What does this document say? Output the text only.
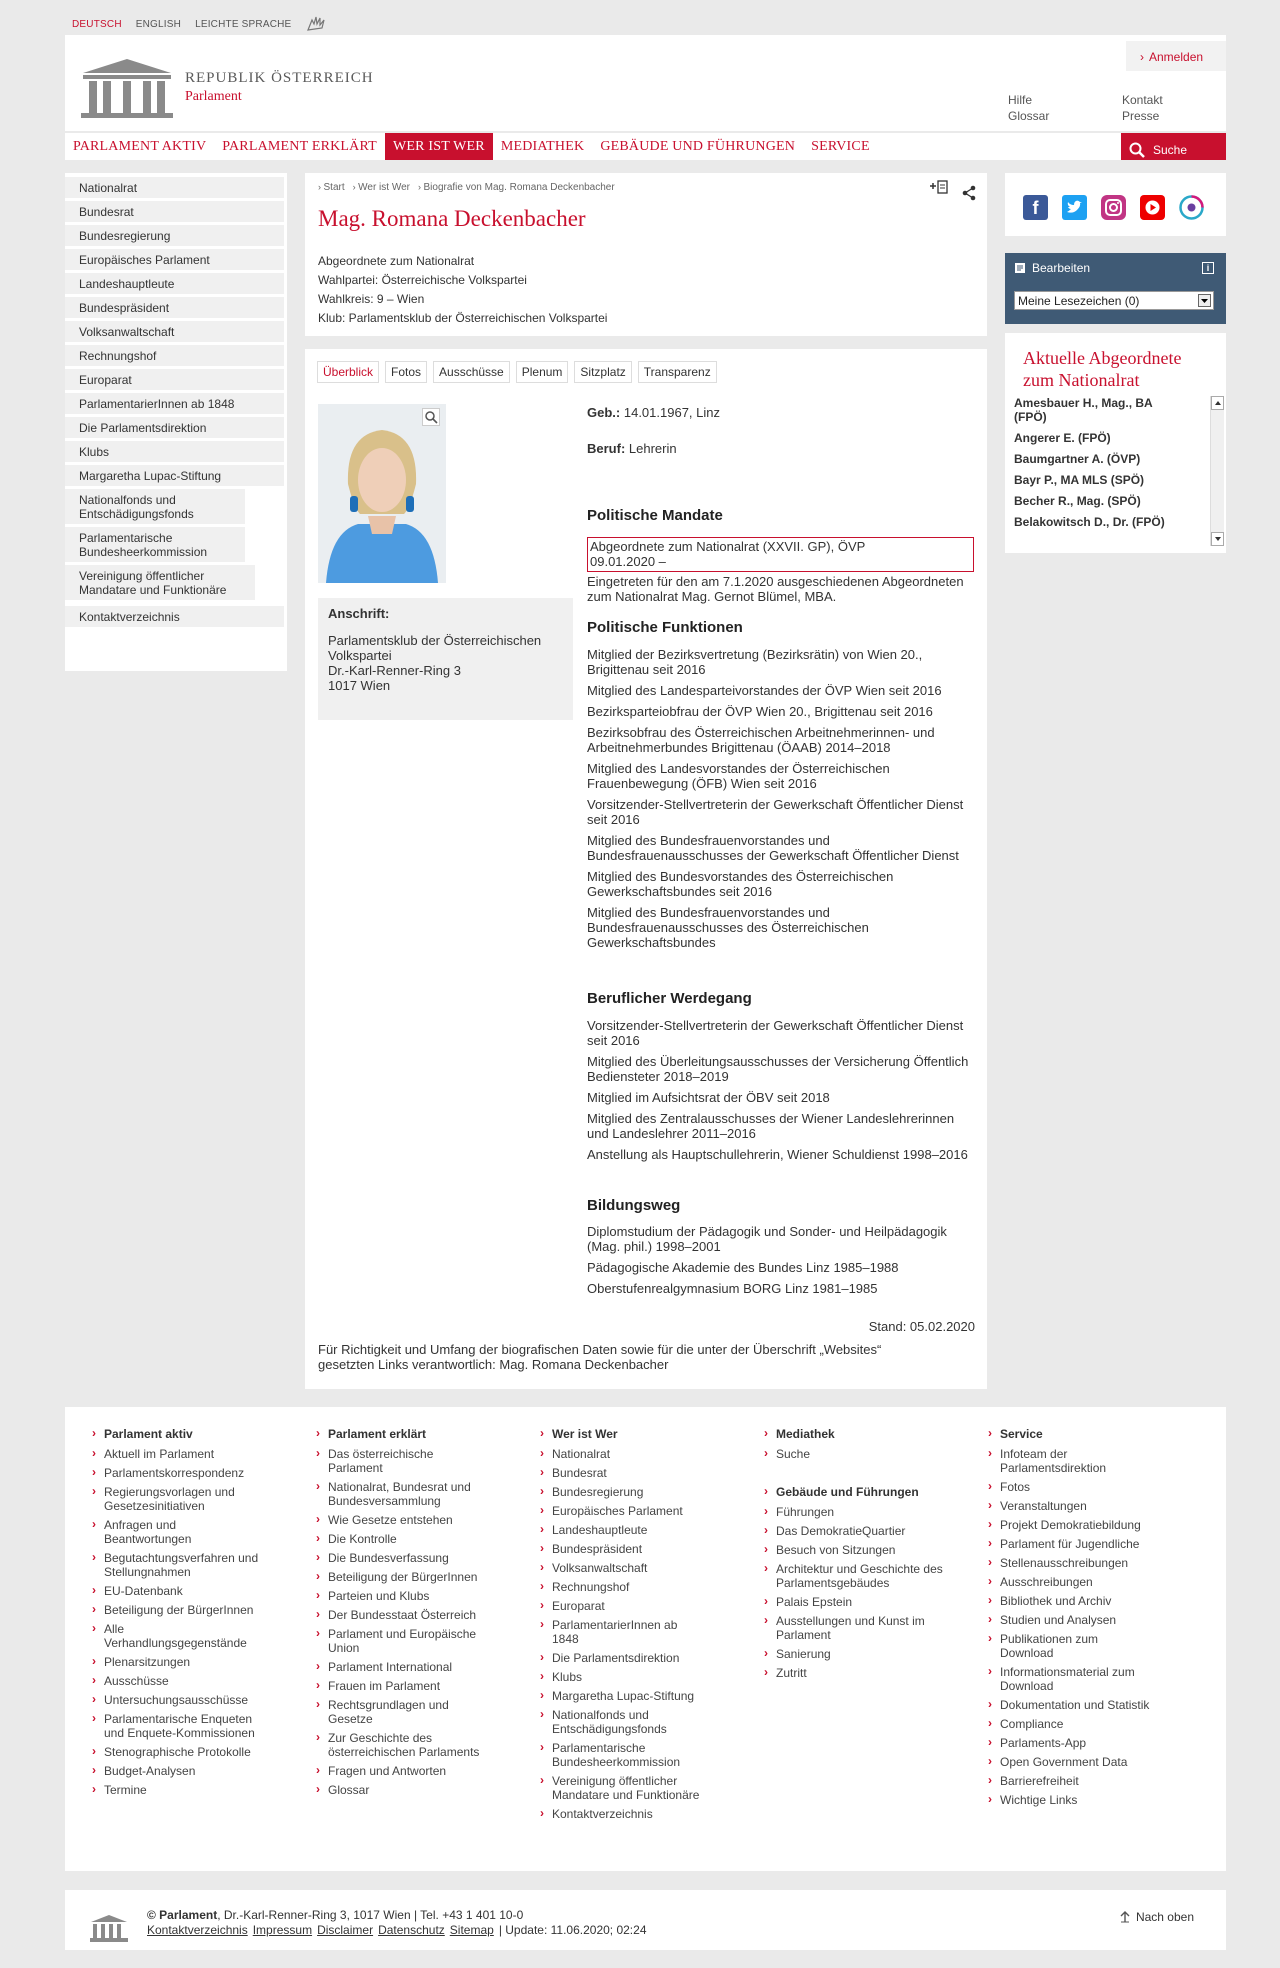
DEUTSCH ENGLISH LEICHTE SPRACHE
REPUBLIK ÖSTERREICH
Parlament
› Anmelden
Hilfe
Glossar
Kontakt
Presse
PARLAMENT AKTIV	PARLAMENT ERKLÄRT	WER IST WER	MEDIATHEK	GEBÄUDE UND FÜHRUNGEN	SERVICE	Suche
Nationalrat
Bundesrat
Bundesregierung
Europäisches Parlament
Landeshauptleute
Bundespräsident
Volksanwaltschaft
Rechnungshof
Europarat
ParlamentarierInnen ab 1848
Die Parlamentsdirektion
Klubs
Margaretha Lupac-Stiftung
Nationalfonds und Entschädigungsfonds
Parlamentarische Bundesheerkommission
Vereinigung öffentlicher Mandatare und Funktionäre
Kontaktverzeichnis
› Start › Wer ist Wer › Biografie von Mag. Romana Deckenbacher
Mag. Romana Deckenbacher
Abgeordnete zum Nationalrat
Wahlpartei: Österreichische Volkspartei
Wahlkreis: 9 – Wien
Klub: Parlamentsklub der Österreichischen Volkspartei
Überblick	Fotos	Ausschüsse	Plenum	Sitzplatz	Transparenz
Anschrift:
Parlamentsklub der Österreichischen Volkspartei
Dr.-Karl-Renner-Ring 3
1017 Wien
Geb.: 14.01.1967, Linz
Beruf: Lehrerin
Politische Mandate
Abgeordnete zum Nationalrat (XXVII. GP), ÖVP
09.01.2020 –
Eingetreten für den am 7.1.2020 ausgeschiedenen Abgeordneten zum Nationalrat Mag. Gernot Blümel, MBA.
Politische Funktionen
Mitglied der Bezirksvertretung (Bezirksrätin) von Wien 20., Brigittenau seit 2016
Mitglied des Landesparteivorstandes der ÖVP Wien seit 2016
Bezirksparteiobfrau der ÖVP Wien 20., Brigittenau seit 2016
Bezirksobfrau des Österreichischen Arbeitnehmerinnen- und Arbeitnehmerbundes Brigittenau (ÖAAB) 2014–2018
Mitglied des Landesvorstandes der Österreichischen Frauenbewegung (ÖFB) Wien seit 2016
Vorsitzender-Stellvertreterin der Gewerkschaft Öffentlicher Dienst seit 2016
Mitglied des Bundesfrauenvorstandes und Bundesfrauenausschusses der Gewerkschaft Öffentlicher Dienst
Mitglied des Bundesvorstandes des Österreichischen Gewerkschaftsbundes seit 2016
Mitglied des Bundesfrauenvorstandes und Bundesfrauenausschusses des Österreichischen Gewerkschaftsbundes
Beruflicher Werdegang
Vorsitzender-Stellvertreterin der Gewerkschaft Öffentlicher Dienst seit 2016
Mitglied des Überleitungsausschusses der Versicherung Öffentlich Bediensteter 2018–2019
Mitglied im Aufsichtsrat der ÖBV seit 2018
Mitglied des Zentralausschusses der Wiener Landeslehrerinnen und Landeslehrer 2011–2016
Anstellung als Hauptschullehrerin, Wiener Schuldienst 1998–2016
Bildungsweg
Diplomstudium der Pädagogik und Sonder- und Heilpädagogik (Mag. phil.) 1998–2001
Pädagogische Akademie des Bundes Linz 1985–1988
Oberstufenrealgymnasium BORG Linz 1981–1985
Stand: 05.02.2020
Für Richtigkeit und Umfang der biografischen Daten sowie für die unter der Überschrift „Websites“ gesetzten Links verantwortlich: Mag. Romana Deckenbacher
f
Bearbeiten	i
Meine Lesezeichen (0)
Aktuelle Abgeordnete zum Nationalrat
Amesbauer H., Mag., BA (FPÖ)
Angerer E. (FPÖ)
Baumgartner A. (ÖVP)
Bayr P., MA MLS (SPÖ)
Becher R., Mag. (SPÖ)
Belakowitsch D., Dr. (FPÖ)
› Parlament aktiv
› Aktuell im Parlament
› Parlamentskorrespondenz
› Regierungsvorlagen und Gesetzesinitiativen
› Anfragen und Beantwortungen
› Begutachtungsverfahren und Stellungnahmen
› EU-Datenbank
› Beteiligung der BürgerInnen
› Alle Verhandlungsgegenstände
› Plenarsitzungen
› Ausschüsse
› Untersuchungsausschüsse
› Parlamentarische Enqueten und Enquete-Kommissionen
› Stenographische Protokolle
› Budget-Analysen
› Termine
› Parlament erklärt
› Das österreichische Parlament
› Nationalrat, Bundesrat und Bundesversammlung
› Wie Gesetze entstehen
› Die Kontrolle
› Die Bundesverfassung
› Beteiligung der BürgerInnen
› Parteien und Klubs
› Der Bundesstaat Österreich
› Parlament und Europäische Union
› Parlament International
› Frauen im Parlament
› Rechtsgrundlagen und Gesetze
› Zur Geschichte des österreichischen Parlaments
› Fragen und Antworten
› Glossar
› Wer ist Wer
› Nationalrat
› Bundesrat
› Bundesregierung
› Europäisches Parlament
› Landeshauptleute
› Bundespräsident
› Volksanwaltschaft
› Rechnungshof
› Europarat
› ParlamentarierInnen ab 1848
› Die Parlamentsdirektion
› Klubs
› Margaretha Lupac-Stiftung
› Nationalfonds und Entschädigungsfonds
› Parlamentarische Bundesheerkommission
› Vereinigung öffentlicher Mandatare und Funktionäre
› Kontaktverzeichnis
› Mediathek
› Suche
› Gebäude und Führungen
› Führungen
› Das DemokratieQuartier
› Besuch von Sitzungen
› Architektur und Geschichte des Parlamentsgebäudes
› Palais Epstein
› Ausstellungen und Kunst im Parlament
› Sanierung
› Zutritt
› Service
› Infoteam der Parlamentsdirektion
› Fotos
› Veranstaltungen
› Projekt Demokratiebildung
› Parlament für Jugendliche
› Stellenausschreibungen
› Ausschreibungen
› Bibliothek und Archiv
› Studien und Analysen
› Publikationen zum Download
› Informationsmaterial zum Download
› Dokumentation und Statistik
› Compliance
› Parlaments-App
› Open Government Data
› Barrierefreiheit
› Wichtige Links
© Parlament, Dr.-Karl-Renner-Ring 3, 1017 Wien | Tel. +43 1 401 10-0
Kontaktverzeichnis Impressum Disclaimer Datenschutz Sitemap | Update: 11.06.2020; 02:24
Nach oben
